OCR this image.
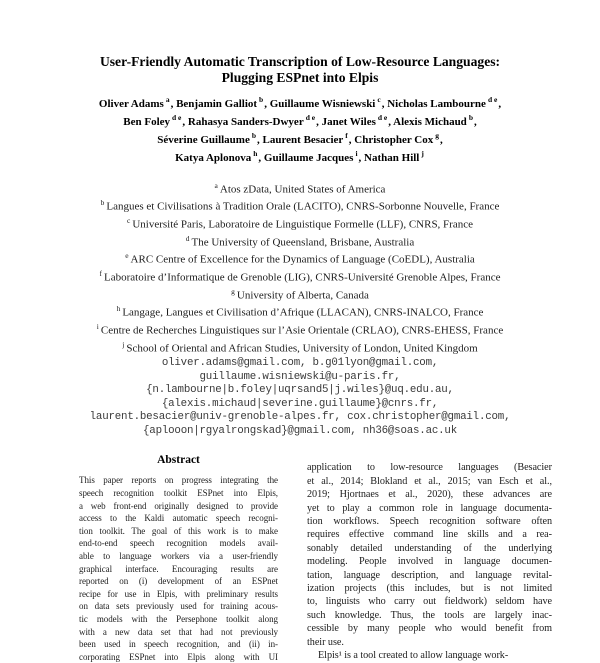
User-Friendly Automatic Transcription of Low-Resource Languages:
Plugging ESPnet into Elpis
Oliver Adams $^a$, Benjamin Galliot $^b$, Guillaume Wisniewski $^c$, Nicholas Lambourne $^{d e}$,
Ben Foley $^{d e}$, Rahasya Sanders-Dwyer $^{d e}$, Janet Wiles $^{d e}$, Alexis Michaud $^b$,
Séverine Guillaume $^b$, Laurent Besacier $^f$, Christopher Cox $^g$,
Katya Aplonova $^h$, Guillaume Jacques $^i$, Nathan Hill $^j$
$^a$ Atos zData, United States of America
$^b$ Langues et Civilisations à Tradition Orale (LACITO), CNRS-Sorbonne Nouvelle, France
$^c$ Université Paris, Laboratoire de Linguistique Formelle (LLF), CNRS, France
$^d$ The University of Queensland, Brisbane, Australia
$^e$ ARC Centre of Excellence for the Dynamics of Language (CoEDL), Australia
$^f$ Laboratoire d’Informatique de Grenoble (LIG), CNRS-Université Grenoble Alpes, France
$^g$ University of Alberta, Canada
$^h$ Langage, Langues et Civilisation d’Afrique (LLACAN), CNRS-INALCO, France
$^i$ Centre de Recherches Linguistiques sur l’Asie Orientale (CRLAO), CNRS-EHESS, France
$^j$ School of Oriental and African Studies, University of London, United Kingdom
oliver.adams@gmail.com, b.g01lyon@gmail.com,
guillaume.wisniewski@u-paris.fr,
{n.lambourne|b.foley|uqrsand5|j.wiles}@uq.edu.au,
{alexis.michaud|severine.guillaume}@cnrs.fr,
laurent.besacier@univ-grenoble-alpes.fr, cox.christopher@gmail.com,
{aplooon|rgyalrongskad}@gmail.com, nh36@soas.ac.uk
Abstract
This paper reports on progress integrating the
speech recognition toolkit ESPnet into Elpis,
a web front-end originally designed to provide
access to the Kaldi automatic speech recogni-
tion toolkit. The goal of this work is to make
end-to-end speech recognition models avail-
able to language workers via a user-friendly
graphical interface. Encouraging results are
reported on (i) development of an ESPnet
recipe for use in Elpis, with preliminary results
on data sets previously used for training acous-
tic models with the Persephone toolkit along
with a new data set that had not previously
been used in speech recognition, and (ii) in-
corporating ESPnet into Elpis along with UI
application to low-resource languages (Besacier
et al., 2014; Blokland et al., 2015; van Esch et al.,
2019; Hjortnaes et al., 2020), these advances are
yet to play a common role in language documenta-
tion workflows. Speech recognition software often
requires effective command line skills and a rea-
sonably detailed understanding of the underlying
modeling. People involved in language documen-
tation, language description, and language revital-
ization projects (this includes, but is not limited
to, linguists who carry out fieldwork) seldom have
such knowledge. Thus, the tools are largely inac-
cessible by many people who would benefit from
their use.
Elpis¹ is a tool created to allow language work-
